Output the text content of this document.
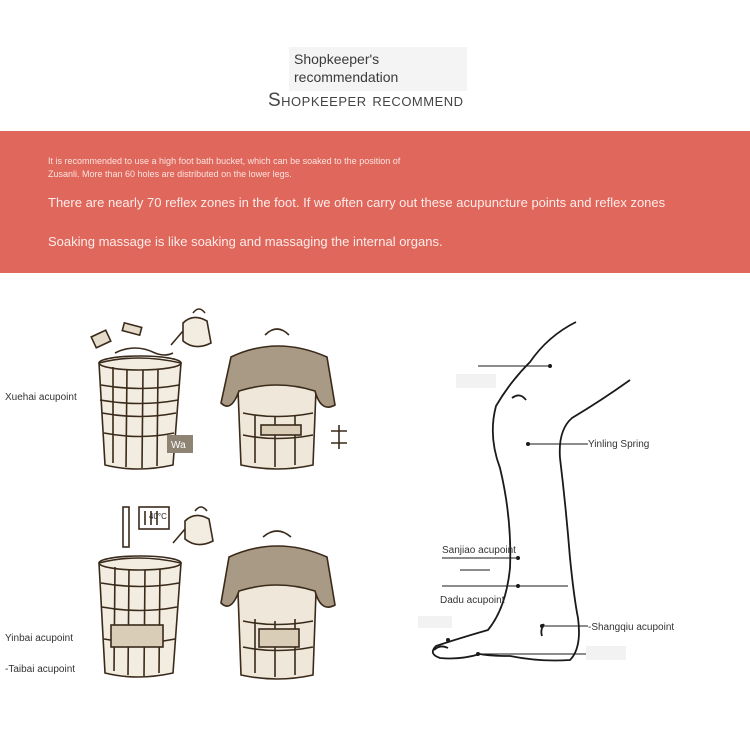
Shopkeeper's recommendation
Shopkeeper recommend
It is recommended to use a high foot bath bucket, which can be soaked to the position of Zusanli. More than 60 holes are distributed on the lower legs.
There are nearly 70 reflex zones in the foot. If we often carry out these acupuncture points and reflex zones
Soaking massage is like soaking and massaging the internal organs.
40°C
Wa
Xuehai acupoint
Yinbai acupoint
-Taibai acupoint
Yinling Spring
Sanjiao acupoint
Dadu acupoint
-Shangqiu acupoint
